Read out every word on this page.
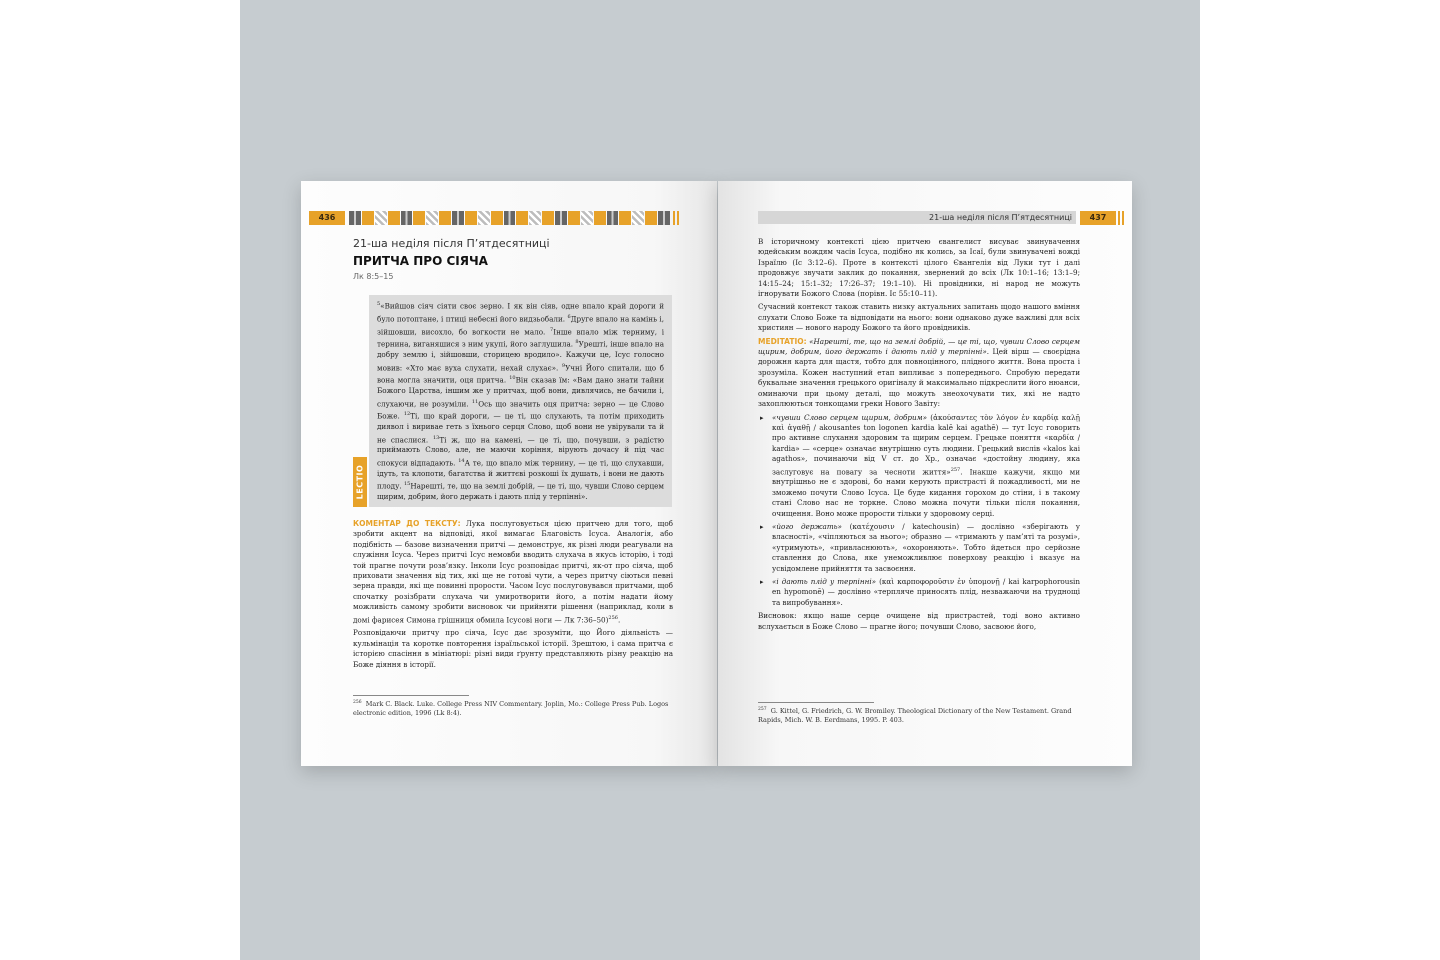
436
21-ша неділя після П’ятдесятниці
ПРИТЧА ПРО СІЯЧА
Лк 8:5–15
$^5$«Вийшов сіяч сіяти своє зерно. І як він сіяв, одне впало край дороги й було потоптане, і птиці небесні його видзьобали. $^6$Друге впало на камінь і, зійшовши, висохло, бо вогкости не мало. $^7$Інше впало між терниму, і тернина, виганяшися з ним укупі, його заглушила. $^8$Урешті, інше впало на добру землю і, зійшовши, сторицею вродило». Кажучи це, Ісус голосно мовив: «Хто має вуха слухати, нехай слухає». $^9$Учні Його спитали, що б вона могла значити, оця притча. $^{10}$Він сказав їм: «Вам дано знати тайни Божого Царства, іншим же у притчах, щоб вони, дивлячись, не бачили і, слухаючи, не розуміли. $^{11}$Ось що значить оця притча: зерно — це Слово Боже. $^{12}$Ті, що край дороги, — це ті, що слухають, та потім приходить диявол і виривае геть з їхнього серця Слово, щоб вони не увірували та й не спаслися. $^{13}$Ті ж, що на камені, — це ті, що, почувши, з радістю приймають Слово, але, не маючи коріння, вірують дочасу й під час спокуси відпадають. $^{14}$А те, що впало між тернину, — це ті, що слухавши, ідуть, та клопоти, багатства й життєві розкоші їх душать, і вони не дають плоду. $^{15}$Нарешті, те, що на землі добрій, — це ті, що, чувши Слово серцем щирим, добрим, його держать і дають плід у терпінні».
LECTIO

КОМЕНТАР ДО ТЕКСТУ: Лука послуговується цією притчею для того, щоб зробити акцент на відповіді, якої вимагає Благовість Ісуса. Аналогія, або подібність — базове визначення притчі — демонструє, як різні люди реагували на служіння Ісуса. Через притчі Ісус немовби вводить слухача в якусь історію, і тоді той прагне почути розв’язку. Інколи Ісус розповідає притчі, як-от про сіяча, щоб приховати значення від тих, які ще не готові чути, а через притчу сіються певні зерна правди, які ще повинні прорости. Часом Ісус послуговувався притчами, щоб спочатку розізбрати слухача чи умиротворити його, а потім надати йому можливість самому зробити висновок чи прийняти рішення (наприклад, коли в домі фарисея Симона грішниця обмила Ісусові ноги — Лк 7:36–50)$^{256}$.

Розповідаючи притчу про сіяча, Ісус дає зрозуміти, що Його діяльність — кульмінація та коротке повторення ізраїльської історії. Зрештою, і сама притча є історією спасіння в мініатюрі: різні види ґрунту представляють різну реакцію на Боже діяння в історії.

$^{256}$ Mark C. Black. Luke. College Press NIV Commentary. Joplin, Mo.: College Press Pub. Logos electronic edition, 1996 (Lk 8:4).
21-ша неділя після П’ятдесятниці	437

В історичному контексті цією притчею євангелист висуває звинувачення юдейським вождям часів Ісуса, подібно як колись, за Ісаї, були звинувачені вожді Ізраїлю (Іс 3:12–6). Проте в контексті цілого Євангелія від Луки тут і далі продовжує звучати заклик до покаяння, звернений до всіх (Лк 10:1–16; 13:1–9; 14:15–24; 15:1–32; 17:26–37; 19:1–10). Ні провідники, ні народ не можуть ігнорувати Божого Слова (порівн. Іс 55:10–11).

Сучасний контекст також ставить низку актуальних запитань щодо нашого вміння слухати Слово Боже та відповідати на нього: вони однаково дуже важливі для всіх християн — нового народу Божого та його провідників.

MEDITATIO: «Нарешті, те, що на землі добрій, — це ті, що, чувши Слово серцем щирим, добрим, його держать і дають плід у терпінні». Цей вірш — своєрідна дорожня карта для щастя, тобто для повноцінного, плідного життя. Вона проста і зрозуміла. Кожен наступний етап випливає з попереднього. Спробую передати буквальне значення грецького оригіналу й максимально підкреслити його нюанси, оминаючи при цьому деталі, що можуть знеохочувати тих, які не надто захоплюються тонкощами греки Нового Завіту:

▸ «чувши Слово серцем щирим, добрим» (ἀκούσαντες τὸν λόγον ἐν καρδίᾳ καλῇ καὶ ἀγαθῇ / akousantes ton logonen kardia kalē kai agathē) — тут Ісус говорить про активне слухання здоровим та щирим серцем. Грецьке поняття «καρδία / kardia» — «серце» означає внутрішню суть людини. Грецький вислів «kalos kai agathos», починаючи від V ст. до Хр., означає «достойну людину, яка заслуговує на повагу за чесноти життя»$^{257}$. Інакше кажучи, якщо ми внутрішньо не є здорові, бо нами керують пристрасті й пожадливості, ми не зможемо почути Слово Ісуса. Це буде кидання горохом до стіни, і в такому стані Слово нас не торкне. Слово можна почути тільки після покаяння, очищення. Воно може прорости тільки у здоровому серці.
▸ «його держать» (κατέχουσιν / katechousin) — дослівно «зберігають у власності», «чіпляються за нього»; образно — «тримають у пам’яті та розумі», «утримують», «привласнюють», «охороняють». Тобто йдеться про серйозне ставлення до Слова, яке унеможливлює поверхову реакцію і вказує на усвідомлене прийняття та засвоєння.
▸ «і дають плід у терпінні» (καὶ καρποφοροῦσιν ἐν ὑπομονῇ / kai karpophorousin en hypomonē) — дослівно «терпляче приносять плід, незважаючи на труднощі та випробування».

Висновок: якщо наше серце очищене від пристрастей, тоді воно активно вслухається в Боже Слово — прагне його; почувши Слово, засвоює його,

$^{257}$ G. Kittel, G. Friedrich, G. W. Bromiley. Theological Dictionary of the New Testament. Grand Rapids, Mich. W. B. Eerdmans, 1995. P. 403.
